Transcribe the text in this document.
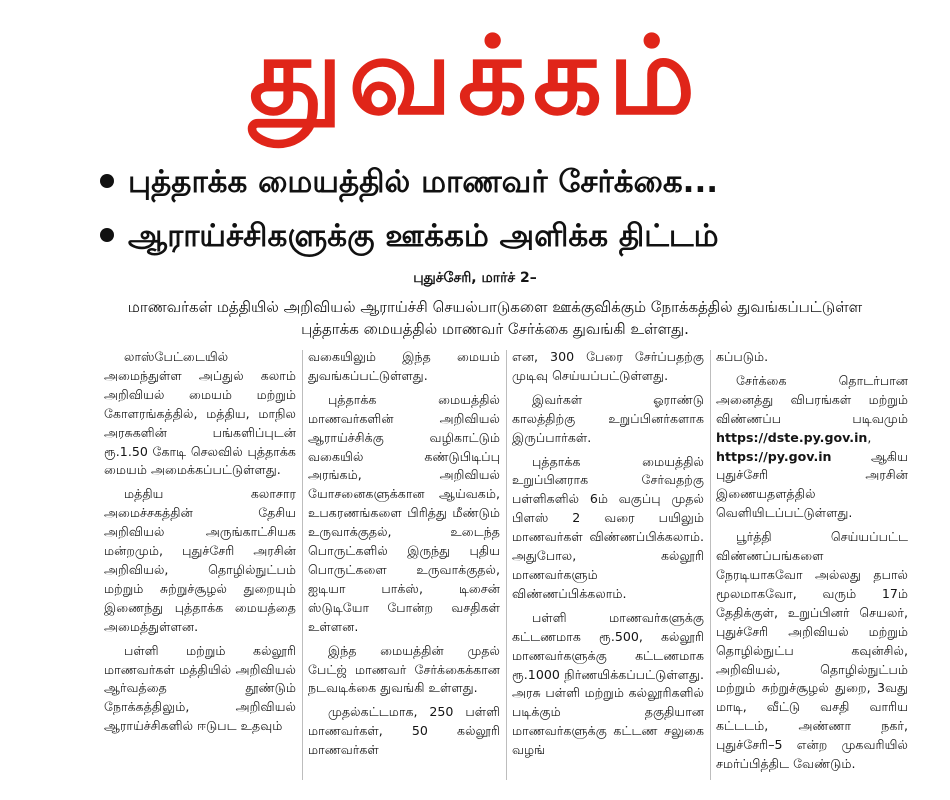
துவக்கம்
புத்தாக்க மையத்தில் மாணவர் சேர்க்கை...
ஆராய்ச்சிகளுக்கு ஊக்கம் அளிக்க திட்டம்
புதுச்சேரி, மார்ச் 2–
மாணவர்கள் மத்தியில் அறிவியல் ஆராய்ச்சி செயல்பாடுகளை ஊக்குவிக்கும் நோக்கத்தில் துவங்கப்பட்டுள்ள புத்தாக்க மையத்தில் மாணவர் சேர்க்கை துவங்கி உள்ளது.

லாஸ்பேட்டையில் அமைந்துள்ள அப்துல் கலாம் அறிவியல் மையம் மற்றும் கோளரங்கத்தில், மத்திய, மாநில அரசுகளின் பங்களிப்புடன் ரூ.1.50 கோடி செலவில் புத்தாக்க மையம் அமைக்கப்பட்டுள்ளது.

மத்திய கலாசார அமைச்சகத்தின் தேசிய அறிவியல் அருங்காட்சியக மன்றமும், புதுச்சேரி அரசின் அறிவியல், தொழில்நுட்பம் மற்றும் சுற்றுச்சூழல் துறையும் இணைந்து புத்தாக்க மையத்தை அமைத்துள்ளன.

பள்ளி மற்றும் கல்லூரி மாணவர்கள் மத்தியில் அறிவியல் ஆர்வத்தை தூண்டும் நோக்கத்திலும், அறிவியல் ஆராய்ச்சிகளில் ஈடுபட உதவும்

வகையிலும் இந்த மையம் துவங்கப்பட்டுள்ளது.

புத்தாக்க மையத்தில் மாணவர்களின் அறிவியல் ஆராய்ச்சிக்கு வழிகாட்டும் வகையில் கண்டுபிடிப்பு அரங்கம், அறிவியல் யோசனைகளுக்கான ஆய்வகம், உபகரணங்களை பிரித்து மீண்டும் உருவாக்குதல், உடைந்த பொருட்களில் இருந்து புதிய பொருட்களை உருவாக்குதல், ஐடியா பாக்ஸ், டிசைன் ஸ்டுடியோ போன்ற வசதிகள் உள்ளன.

இந்த மையத்தின் முதல் பேட்ஜ் மாணவர் சேர்க்கைக்கான நடவடிக்கை துவங்கி உள்ளது.

முதல்கட்டமாக, 250 பள்ளி மாணவர்கள், 50 கல்லூரி மாணவர்கள்

என, 300 பேரை சேர்ப்பதற்கு முடிவு செய்யப்பட்டுள்ளது.

இவர்கள் ஓராண்டு காலத்திற்கு உறுப்பினர்களாக இருப்பார்கள்.

புத்தாக்க மையத்தில் உறுப்பினராக சேர்வதற்கு பள்ளிகளில் 6ம் வகுப்பு முதல் பிளஸ் 2 வரை பயிலும் மாணவர்கள் விண்ணப்பிக்கலாம். அதுபோல, கல்லூரி மாணவர்களும் விண்ணப்பிக்கலாம்.

பள்ளி மாணவர்களுக்கு கட்டணமாக ரூ.500, கல்லூரி மாணவர்களுக்கு கட்டணமாக ரூ.1000 நிர்ணயிக்கப்பட்டுள்ளது. அரசு பள்ளி மற்றும் கல்லூரிகளில் படிக்கும் தகுதியான மாணவர்களுக்கு கட்டண சலுகை வழங்

கப்படும்.

சேர்க்கை தொடர்பான அனைத்து விபரங்கள் மற்றும் விண்ணப்ப படிவமும் https://dste.py.gov.in, https://py.gov.in ஆகிய புதுச்சேரி அரசின் இணையதளத்தில் வெளியிடப்பட்டுள்ளது.

பூர்த்தி செய்யப்பட்ட விண்ணப்பங்களை நேரடியாகவோ அல்லது தபால் மூலமாகவோ, வரும் 17ம் தேதிக்குள், உறுப்பினர் செயலர், புதுச்சேரி அறிவியல் மற்றும் தொழில்நுட்ப கவுன்சில், அறிவியல், தொழில்நுட்பம் மற்றும் சுற்றுச்சூழல் துறை, 3வது மாடி, வீட்டு வசதி வாரிய கட்டடம், அண்ணா நகர், புதுச்சேரி–5 என்ற முகவரியில் சமர்ப்பித்திட வேண்டும்.
